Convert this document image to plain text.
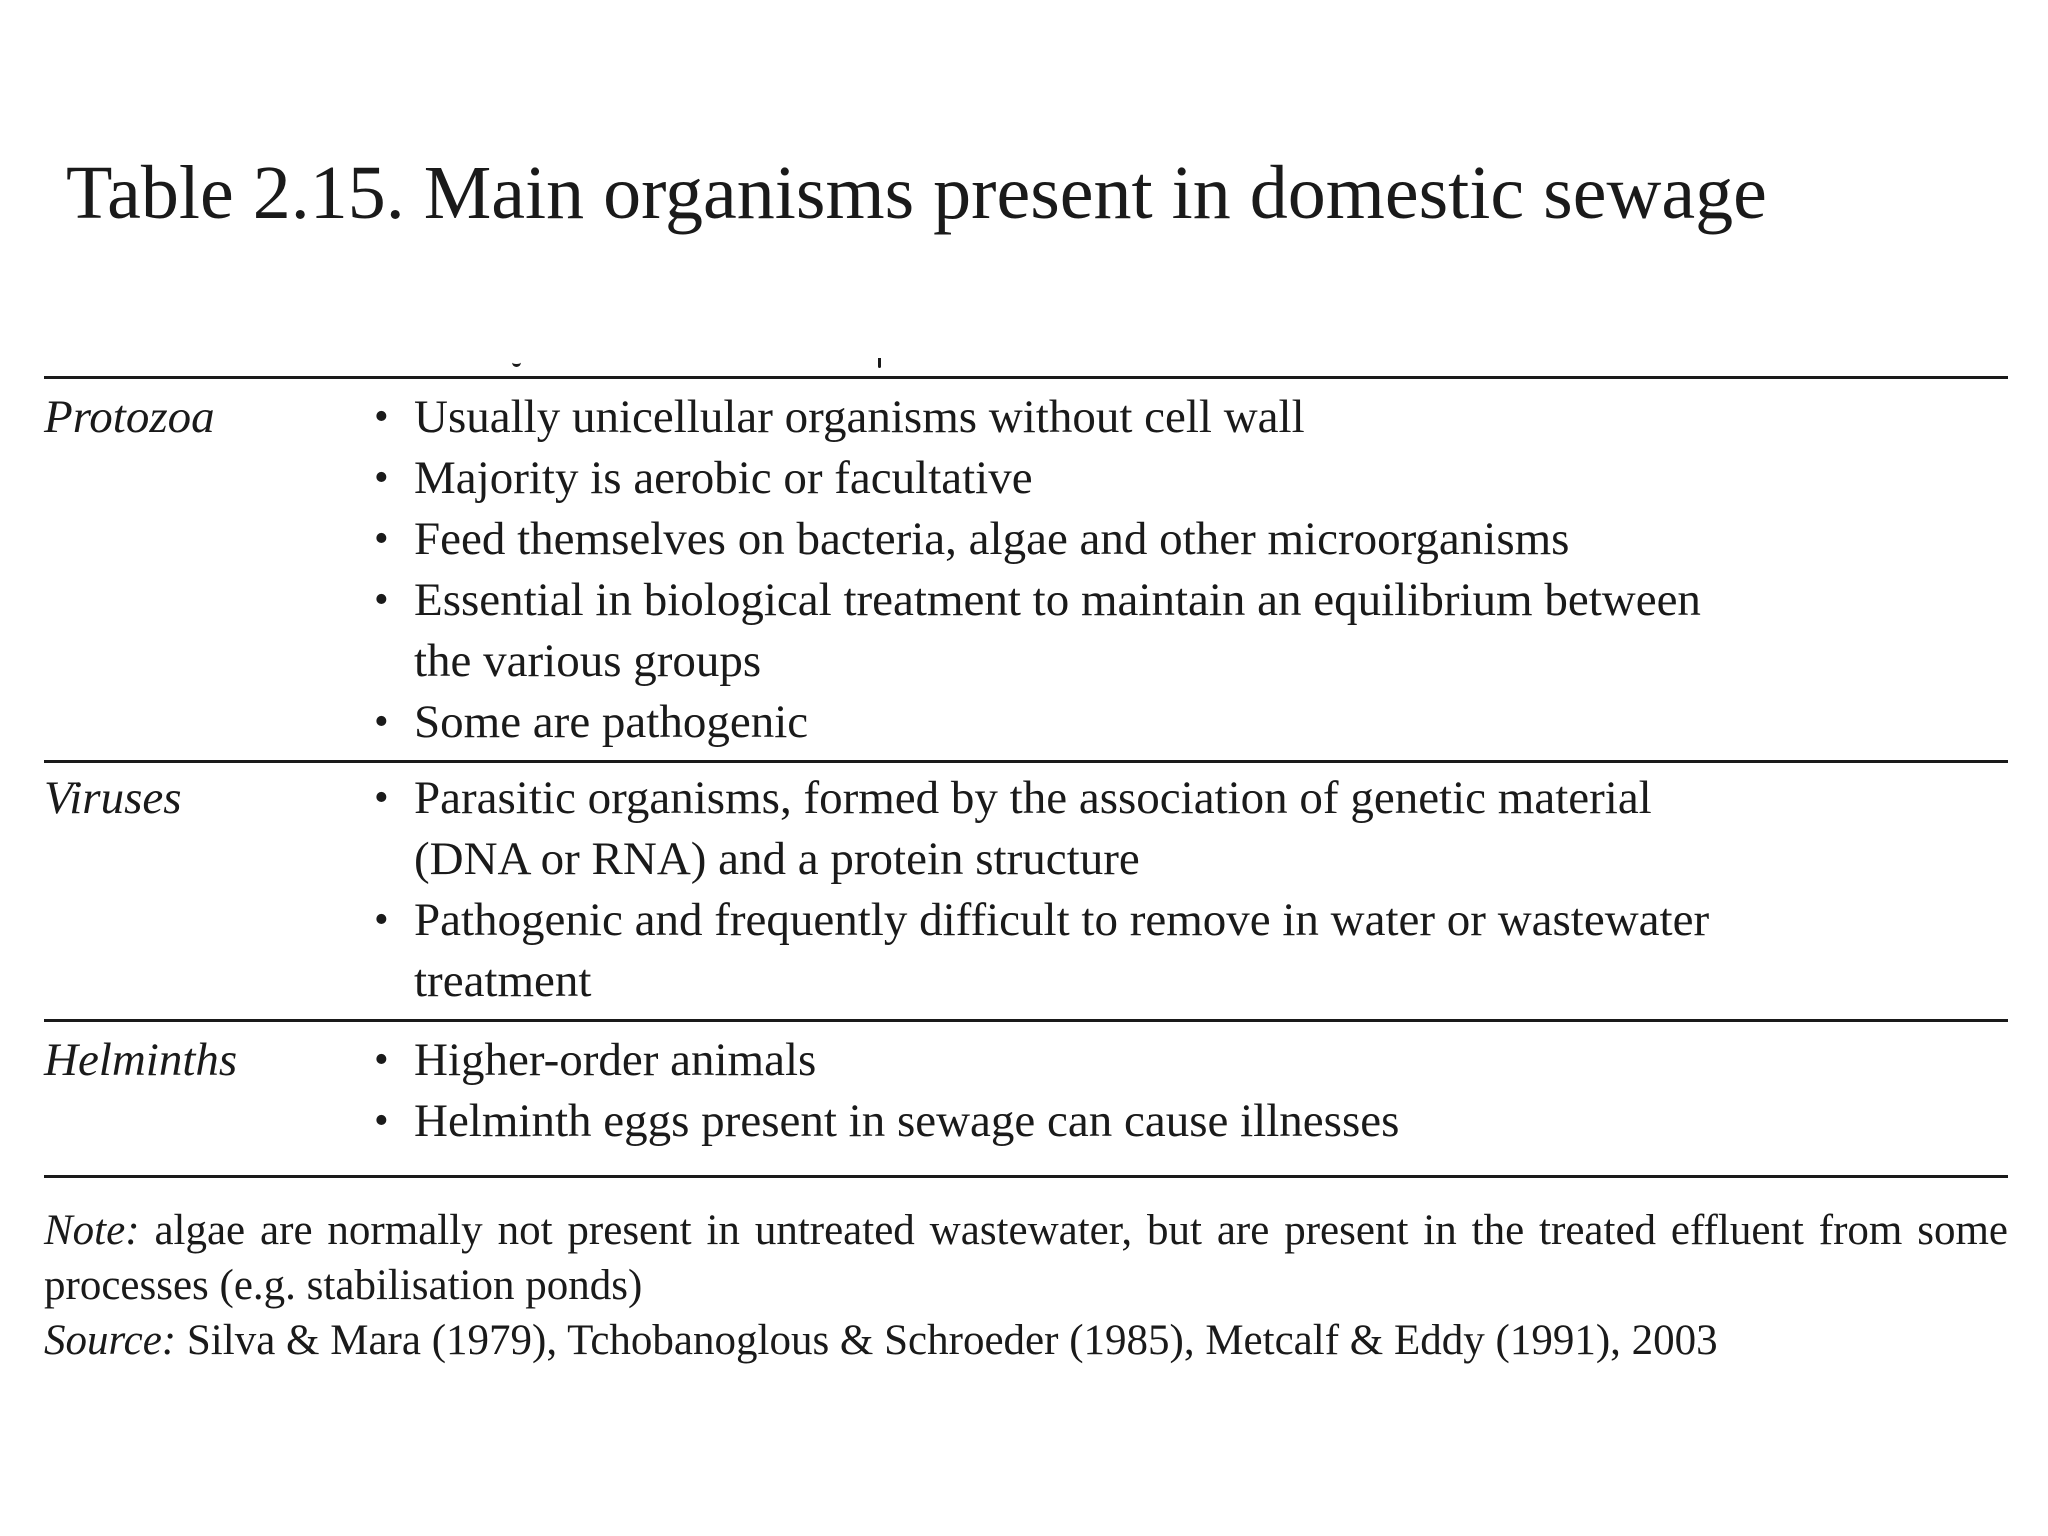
Table 2.15. Main organisms present in domestic sewage
Protozoa	• Usually unicellular organisms without cell wall
• Majority is aerobic or facultative
• Feed themselves on bacteria, algae and other microorganisms
• Essential in biological treatment to maintain an equilibrium between
the various groups
• Some are pathogenic
Viruses	• Parasitic organisms, formed by the association of genetic material
(DNA or RNA) and a protein structure
• Pathogenic and frequently difficult to remove in water or wastewater
treatment
Helminths	• Higher-order animals
• Helminth eggs present in sewage can cause illnesses

Note: algae are normally not present in untreated wastewater, but are present in the treated effluent from some processes (e.g. stabilisation ponds)

Source: Silva & Mara (1979), Tchobanoglous & Schroeder (1985), Metcalf & Eddy (1991), 2003
